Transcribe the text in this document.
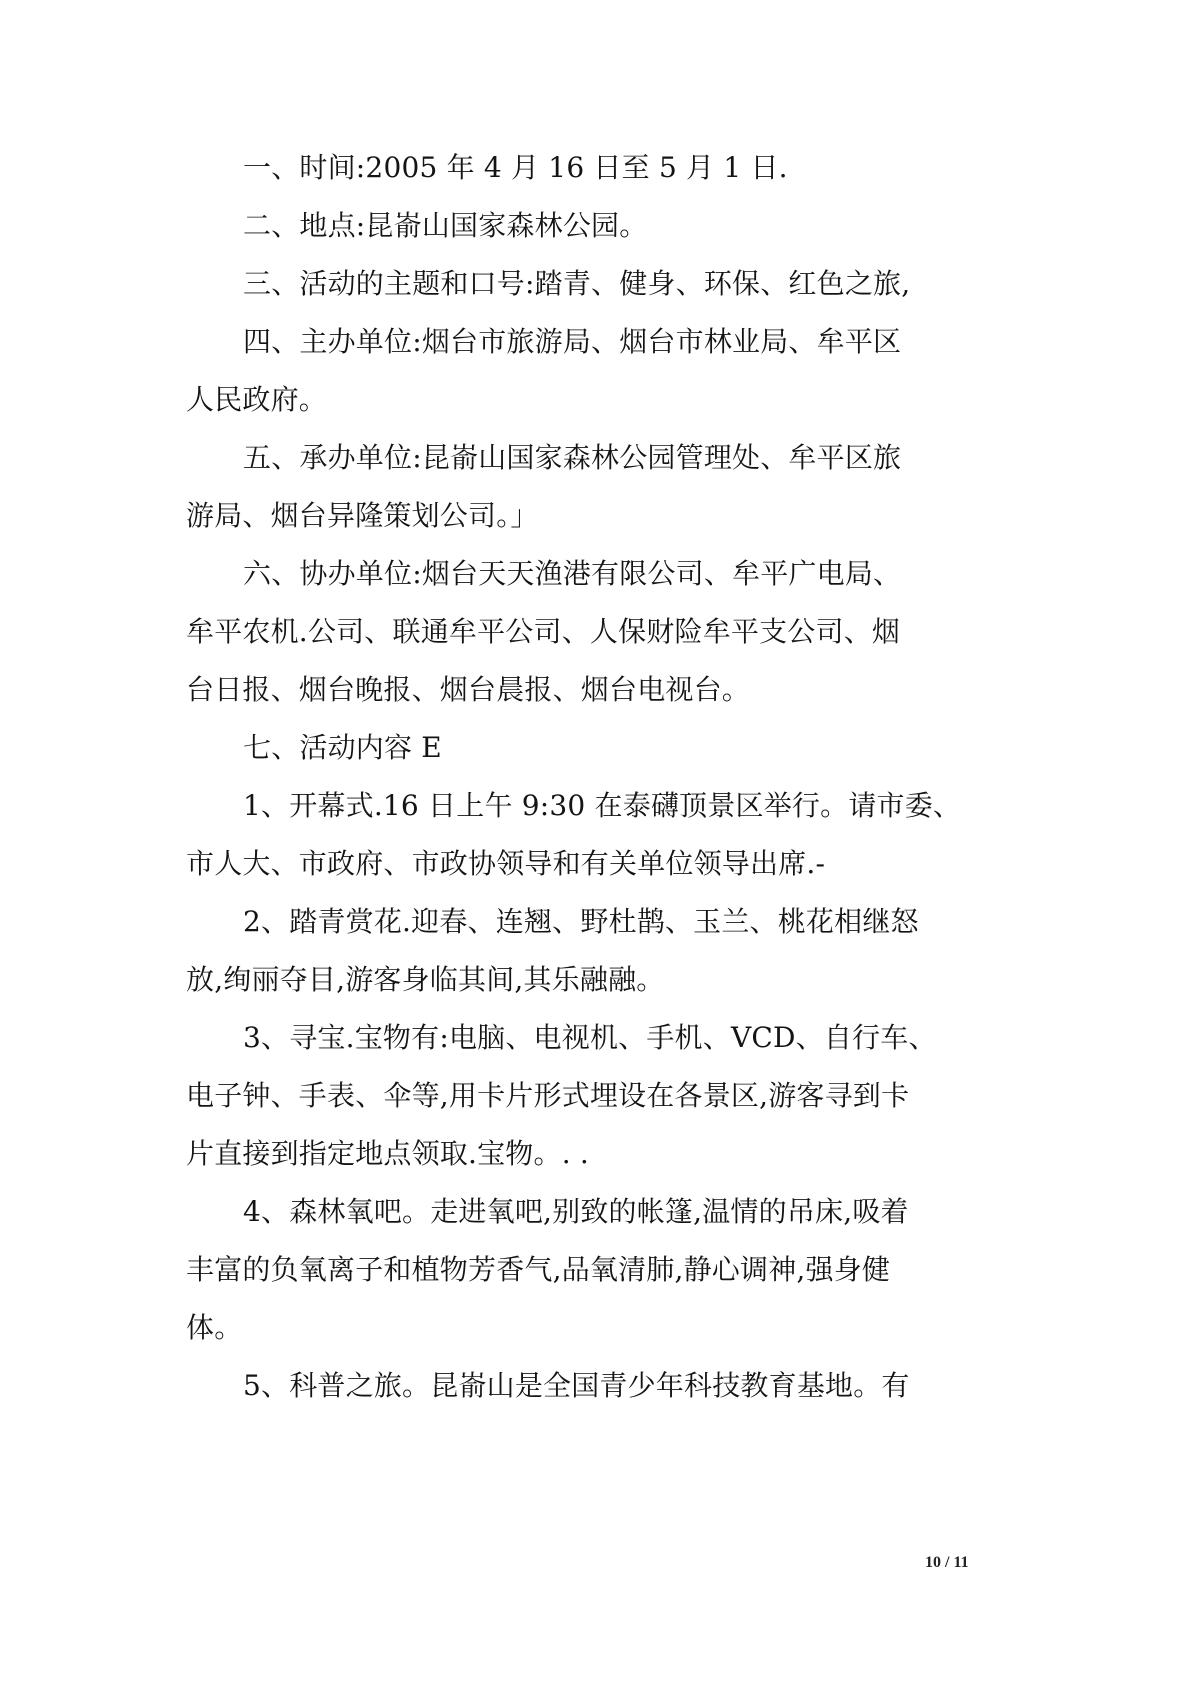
一、时间:2005 年 4 月 16 日至 5 月 1 日.

二、地点:昆嵛山国家森林公园。

三、活动的主题和口号:踏青、健身、环保、红色之旅,

四、主办单位:烟台市旅游局、烟台市林业局、牟平区

人民政府。

五、承办单位:昆嵛山国家森林公园管理处、牟平区旅

游局、烟台异隆策划公司。」

六、协办单位:烟台天天渔港有限公司、牟平广电局、

牟平农机.公司、联通牟平公司、人保财险牟平支公司、烟

台日报、烟台晚报、烟台晨报、烟台电视台。

七、活动内容 E

1、开幕式.16 日上午 9:30 在泰礴顶景区举行。请市委、

市人大、市政府、市政协领导和有关单位领导出席.-

2、踏青赏花.迎春、连翘、野杜鹊、玉兰、桃花相继怒

放,绚丽夺目,游客身临其间,其乐融融。

3、寻宝.宝物有:电脑、电视机、手机、VCD、自行车、

电子钟、手表、伞等,用卡片形式埋设在各景区,游客寻到卡

片直接到指定地点领取.宝物。. .

4、森林氧吧。走进氧吧,别致的帐篷,温情的吊床,吸着

丰富的负氧离子和植物芳香气,品氧清肺,静心调神,强身健

体。

5、科普之旅。昆嵛山是全国青少年科技教育基地。有

10 / 11
